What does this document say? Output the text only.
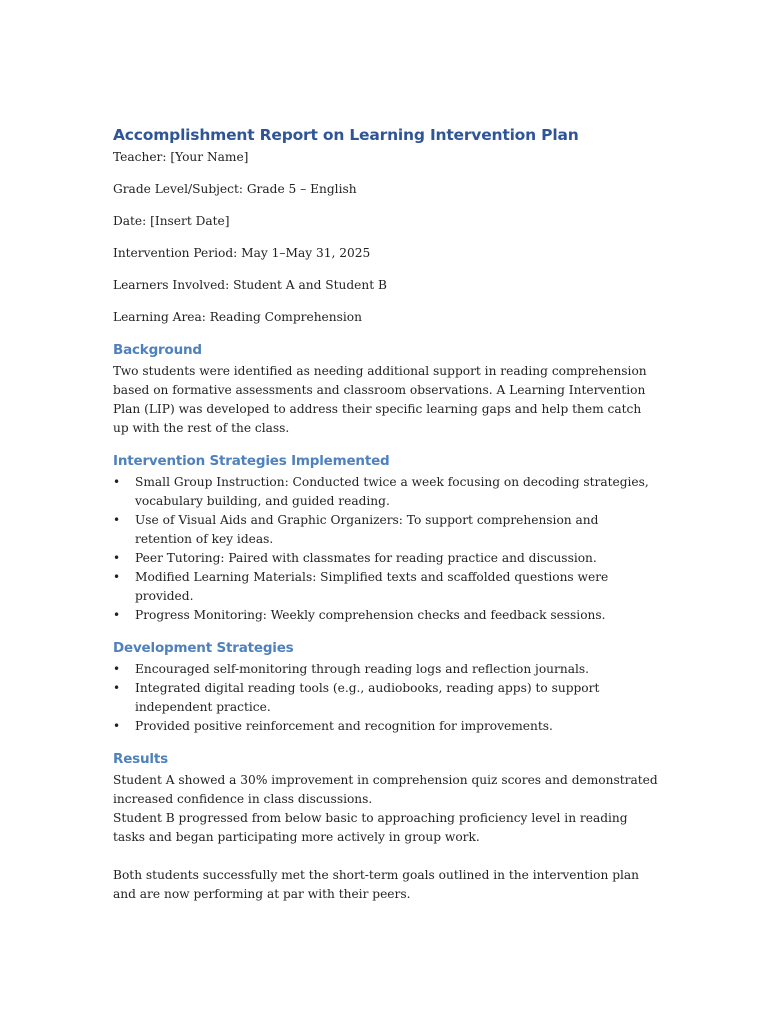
Accomplishment Report on Learning Intervention Plan

Teacher: [Your Name]

Grade Level/Subject: Grade 5 – English

Date: [Insert Date]

Intervention Period: May 1–May 31, 2025

Learners Involved: Student A and Student B

Learning Area: Reading Comprehension

Background

Two students were identified as needing additional support in reading comprehension based on formative assessments and classroom observations. A Learning Intervention Plan (LIP) was developed to address their specific learning gaps and help them catch up with the rest of the class.

Intervention Strategies Implemented
• Small Group Instruction: Conducted twice a week focusing on decoding strategies, vocabulary building, and guided reading.
• Use of Visual Aids and Graphic Organizers: To support comprehension and retention of key ideas.
• Peer Tutoring: Paired with classmates for reading practice and discussion.
• Modified Learning Materials: Simplified texts and scaffolded questions were provided.
• Progress Monitoring: Weekly comprehension checks and feedback sessions.
Development Strategies
• Encouraged self-monitoring through reading logs and reflection journals.
• Integrated digital reading tools (e.g., audiobooks, reading apps) to support independent practice.
• Provided positive reinforcement and recognition for improvements.
Results

Student A showed a 30% improvement in comprehension quiz scores and demonstrated increased confidence in class discussions.

Student B progressed from below basic to approaching proficiency level in reading tasks and began participating more actively in group work.

Both students successfully met the short-term goals outlined in the intervention plan and are now performing at par with their peers.
